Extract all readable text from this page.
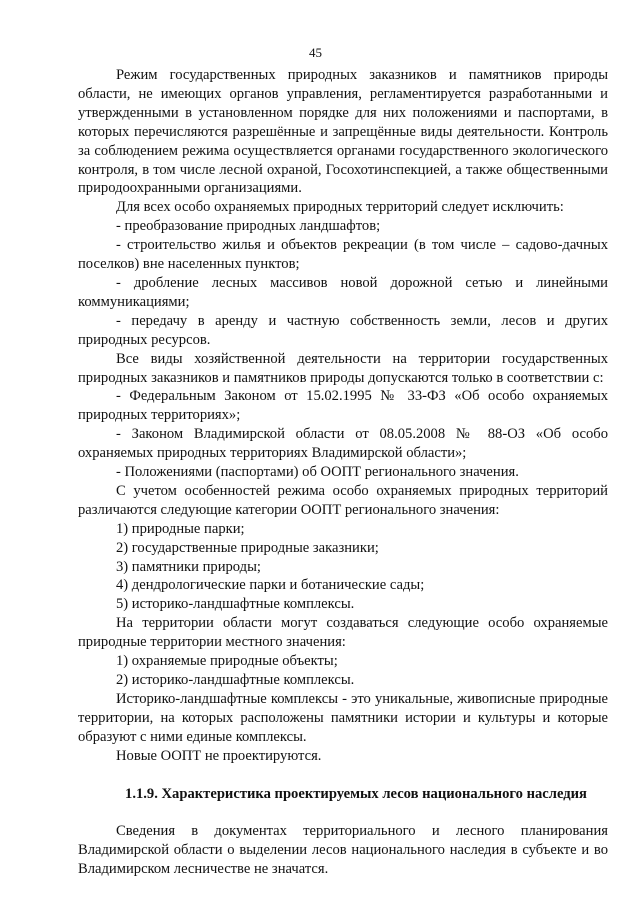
45

Режим государственных природных заказников и памятников природы области, не имеющих органов управления, регламентируется разработанными и утвержденными в установленном порядке для них положениями и паспортами, в которых перечисляются разрешённые и запрещённые виды деятельности. Контроль за соблюдением режима осуществляется органами государственного экологического контроля, в том числе лесной охраной, Госохотинспекцией, а также общественными природоохранными организациями.

Для всех особо охраняемых природных территорий следует исключить:

- преобразование природных ландшафтов;

- строительство жилья и объектов рекреации (в том числе – садово-дачных поселков) вне населенных пунктов;

- дробление лесных массивов новой дорожной сетью и линейными коммуникациями;

- передачу в аренду и частную собственность земли, лесов и других природных ресурсов.

Все виды хозяйственной деятельности на территории государственных природных заказников и памятников природы допускаются только в соответствии с:

- Федеральным Законом от 15.02.1995 № 33-ФЗ «Об особо охраняемых природных территориях»;

- Законом Владимирской области от 08.05.2008 № 88-ОЗ «Об особо охраняемых природных территориях Владимирской области»;

- Положениями (паспортами) об ООПТ регионального значения.

С учетом особенностей режима особо охраняемых природных территорий различаются следующие категории ООПТ регионального значения:

1) природные парки;

2) государственные природные заказники;

3) памятники природы;

4) дендрологические парки и ботанические сады;

5) историко-ландшафтные комплексы.

На территории области могут создаваться следующие особо охраняемые природные территории местного значения:

1) охраняемые природные объекты;

2) историко-ландшафтные комплексы.

Историко-ландшафтные комплексы - это уникальные, живописные природные территории, на которых расположены памятники истории и культуры и которые образуют с ними единые комплексы.

Новые ООПТ не проектируются.

1.1.9. Характеристика проектируемых лесов национального наследия

Сведения в документах территориального и лесного планирования Владимирской области о выделении лесов национального наследия в субъекте и во Владимирском лесничестве не значатся.
